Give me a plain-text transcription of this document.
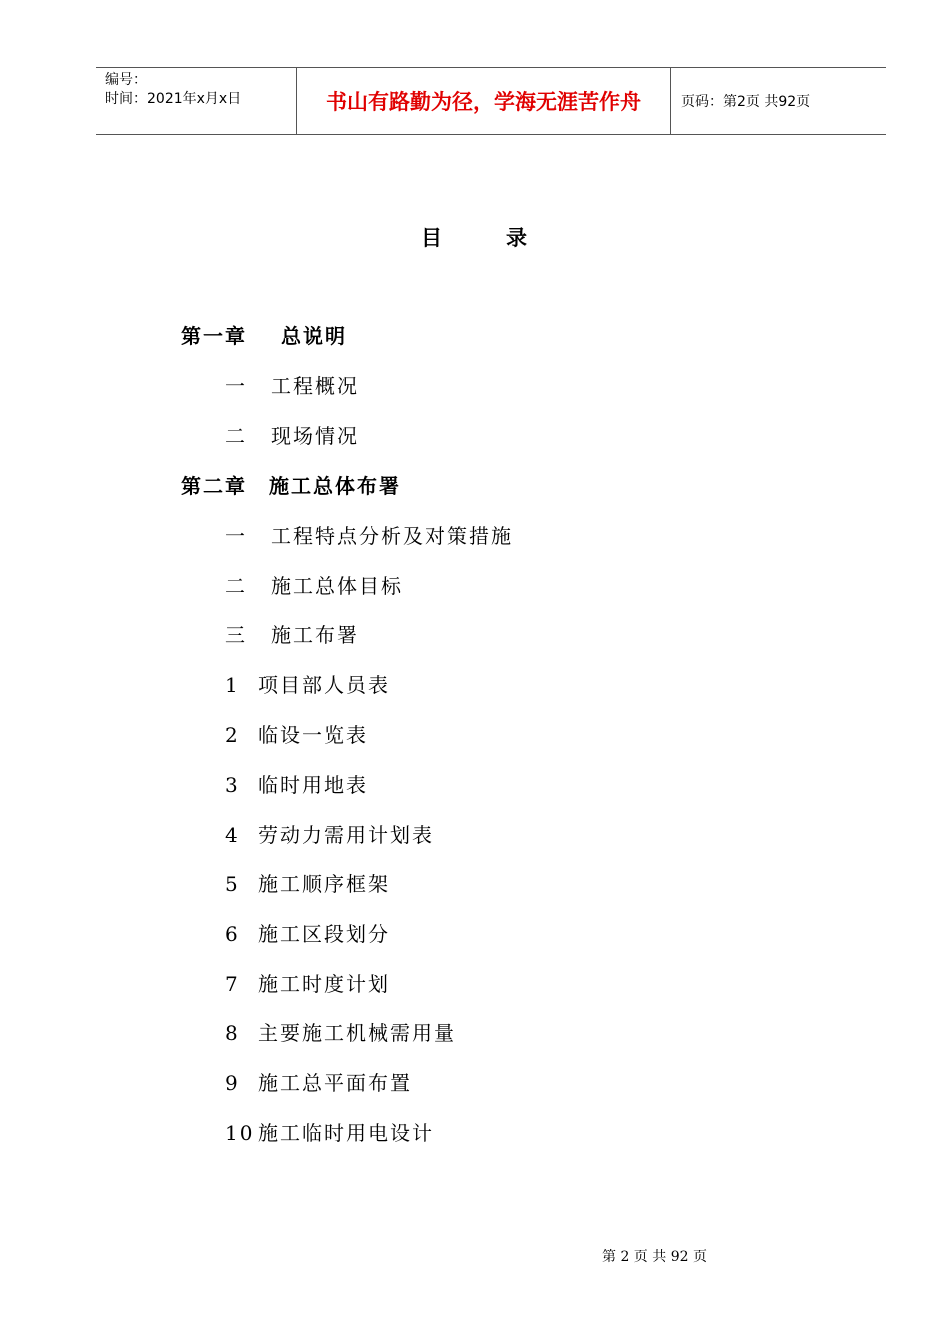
编号：
时间：2021年x月x日	书山有路勤为径，学海无涯苦作舟	页码：第2页 共92页
目	录
第一章 总说明
一 工程概况
二 现场情况
第二章 施工总体布署
一 工程特点分析及对策措施
二 施工总体目标
三 施工布署
1 项目部人员表
2 临设一览表
3 临时用地表
4 劳动力需用计划表
5 施工顺序框架
6 施工区段划分
7 施工时度计划
8 主要施工机械需用量
9 施工总平面布置
10 施工临时用电设计
第 2 页 共 92 页
